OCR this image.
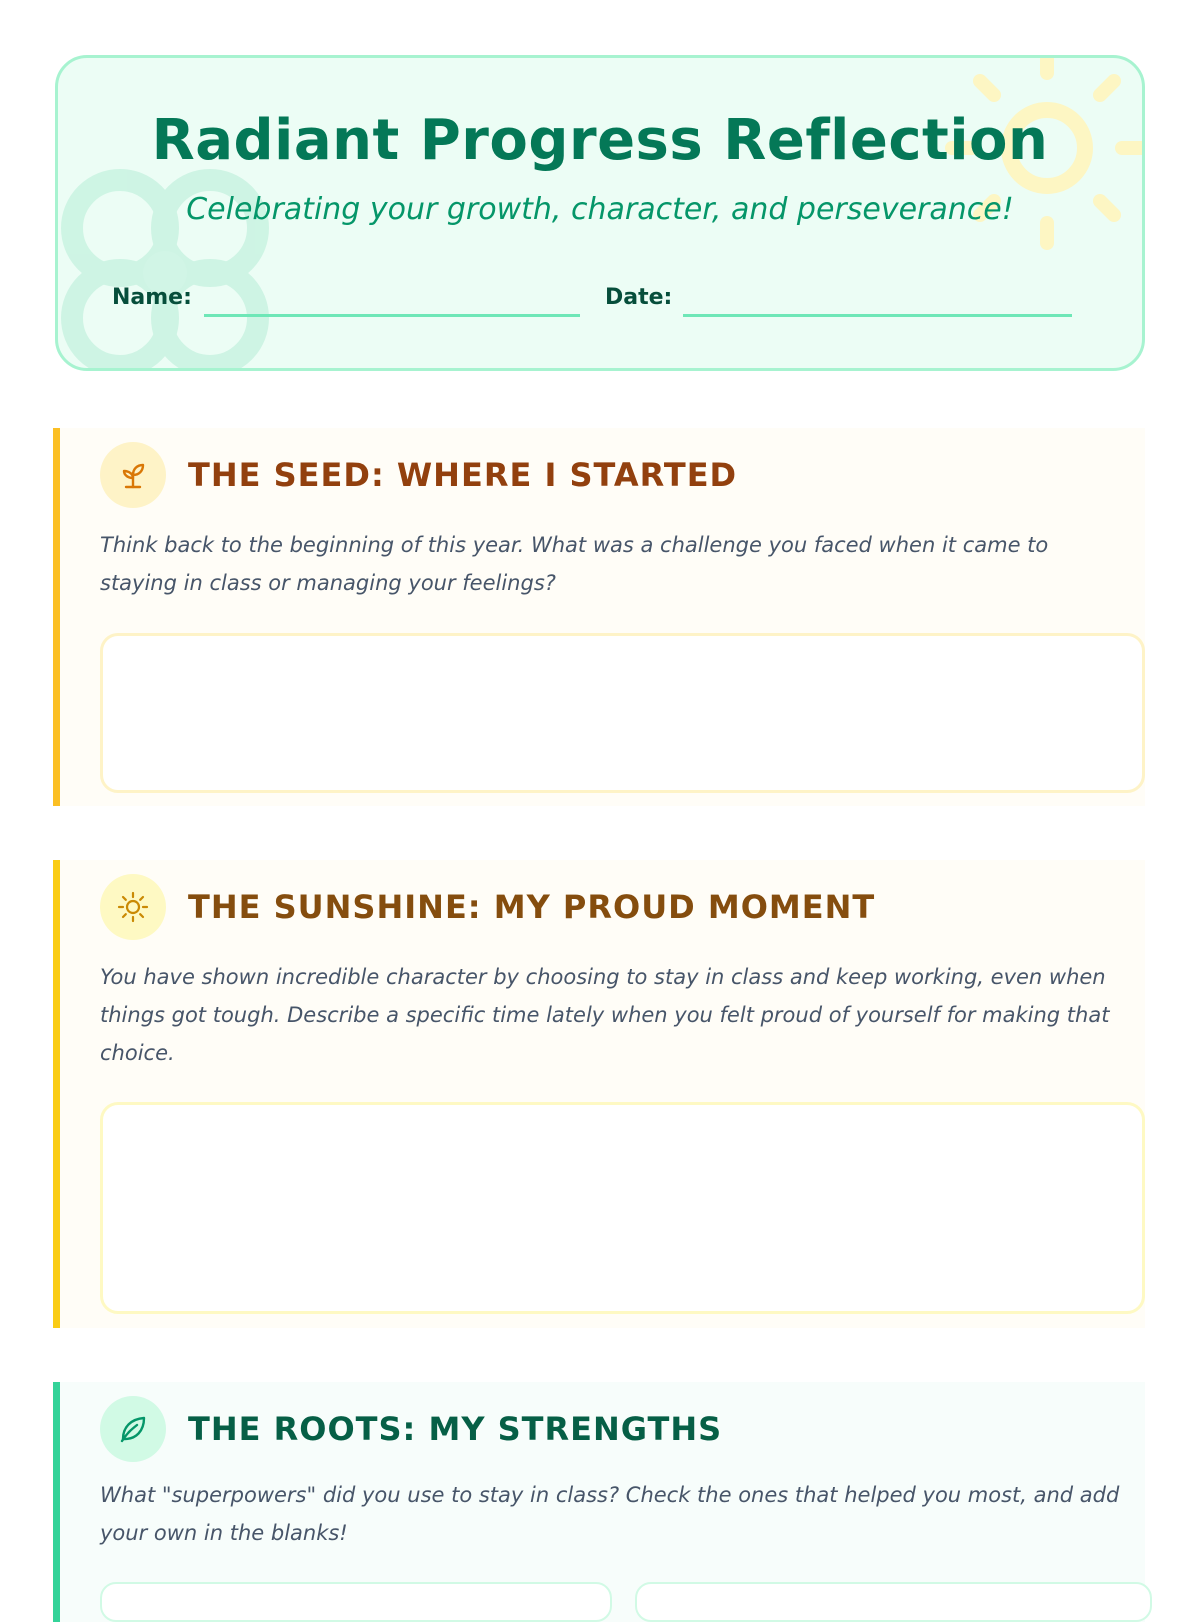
Radiant Progress Reflection

Celebrating your growth, character, and perseverance!

Name:	Date:
THE SEED: WHERE I STARTED

Think back to the beginning of this year. What was a challenge you faced when it came to staying in class or managing your feelings?

THE SUNSHINE: MY PROUD MOMENT

You have shown incredible character by choosing to stay in class and keep working, even when things got tough. Describe a specific time lately when you felt proud of yourself for making that choice.

THE ROOTS: MY STRENGTHS

What "superpowers" did you use to stay in class? Check the ones that helped you most, and add your own in the blanks!
